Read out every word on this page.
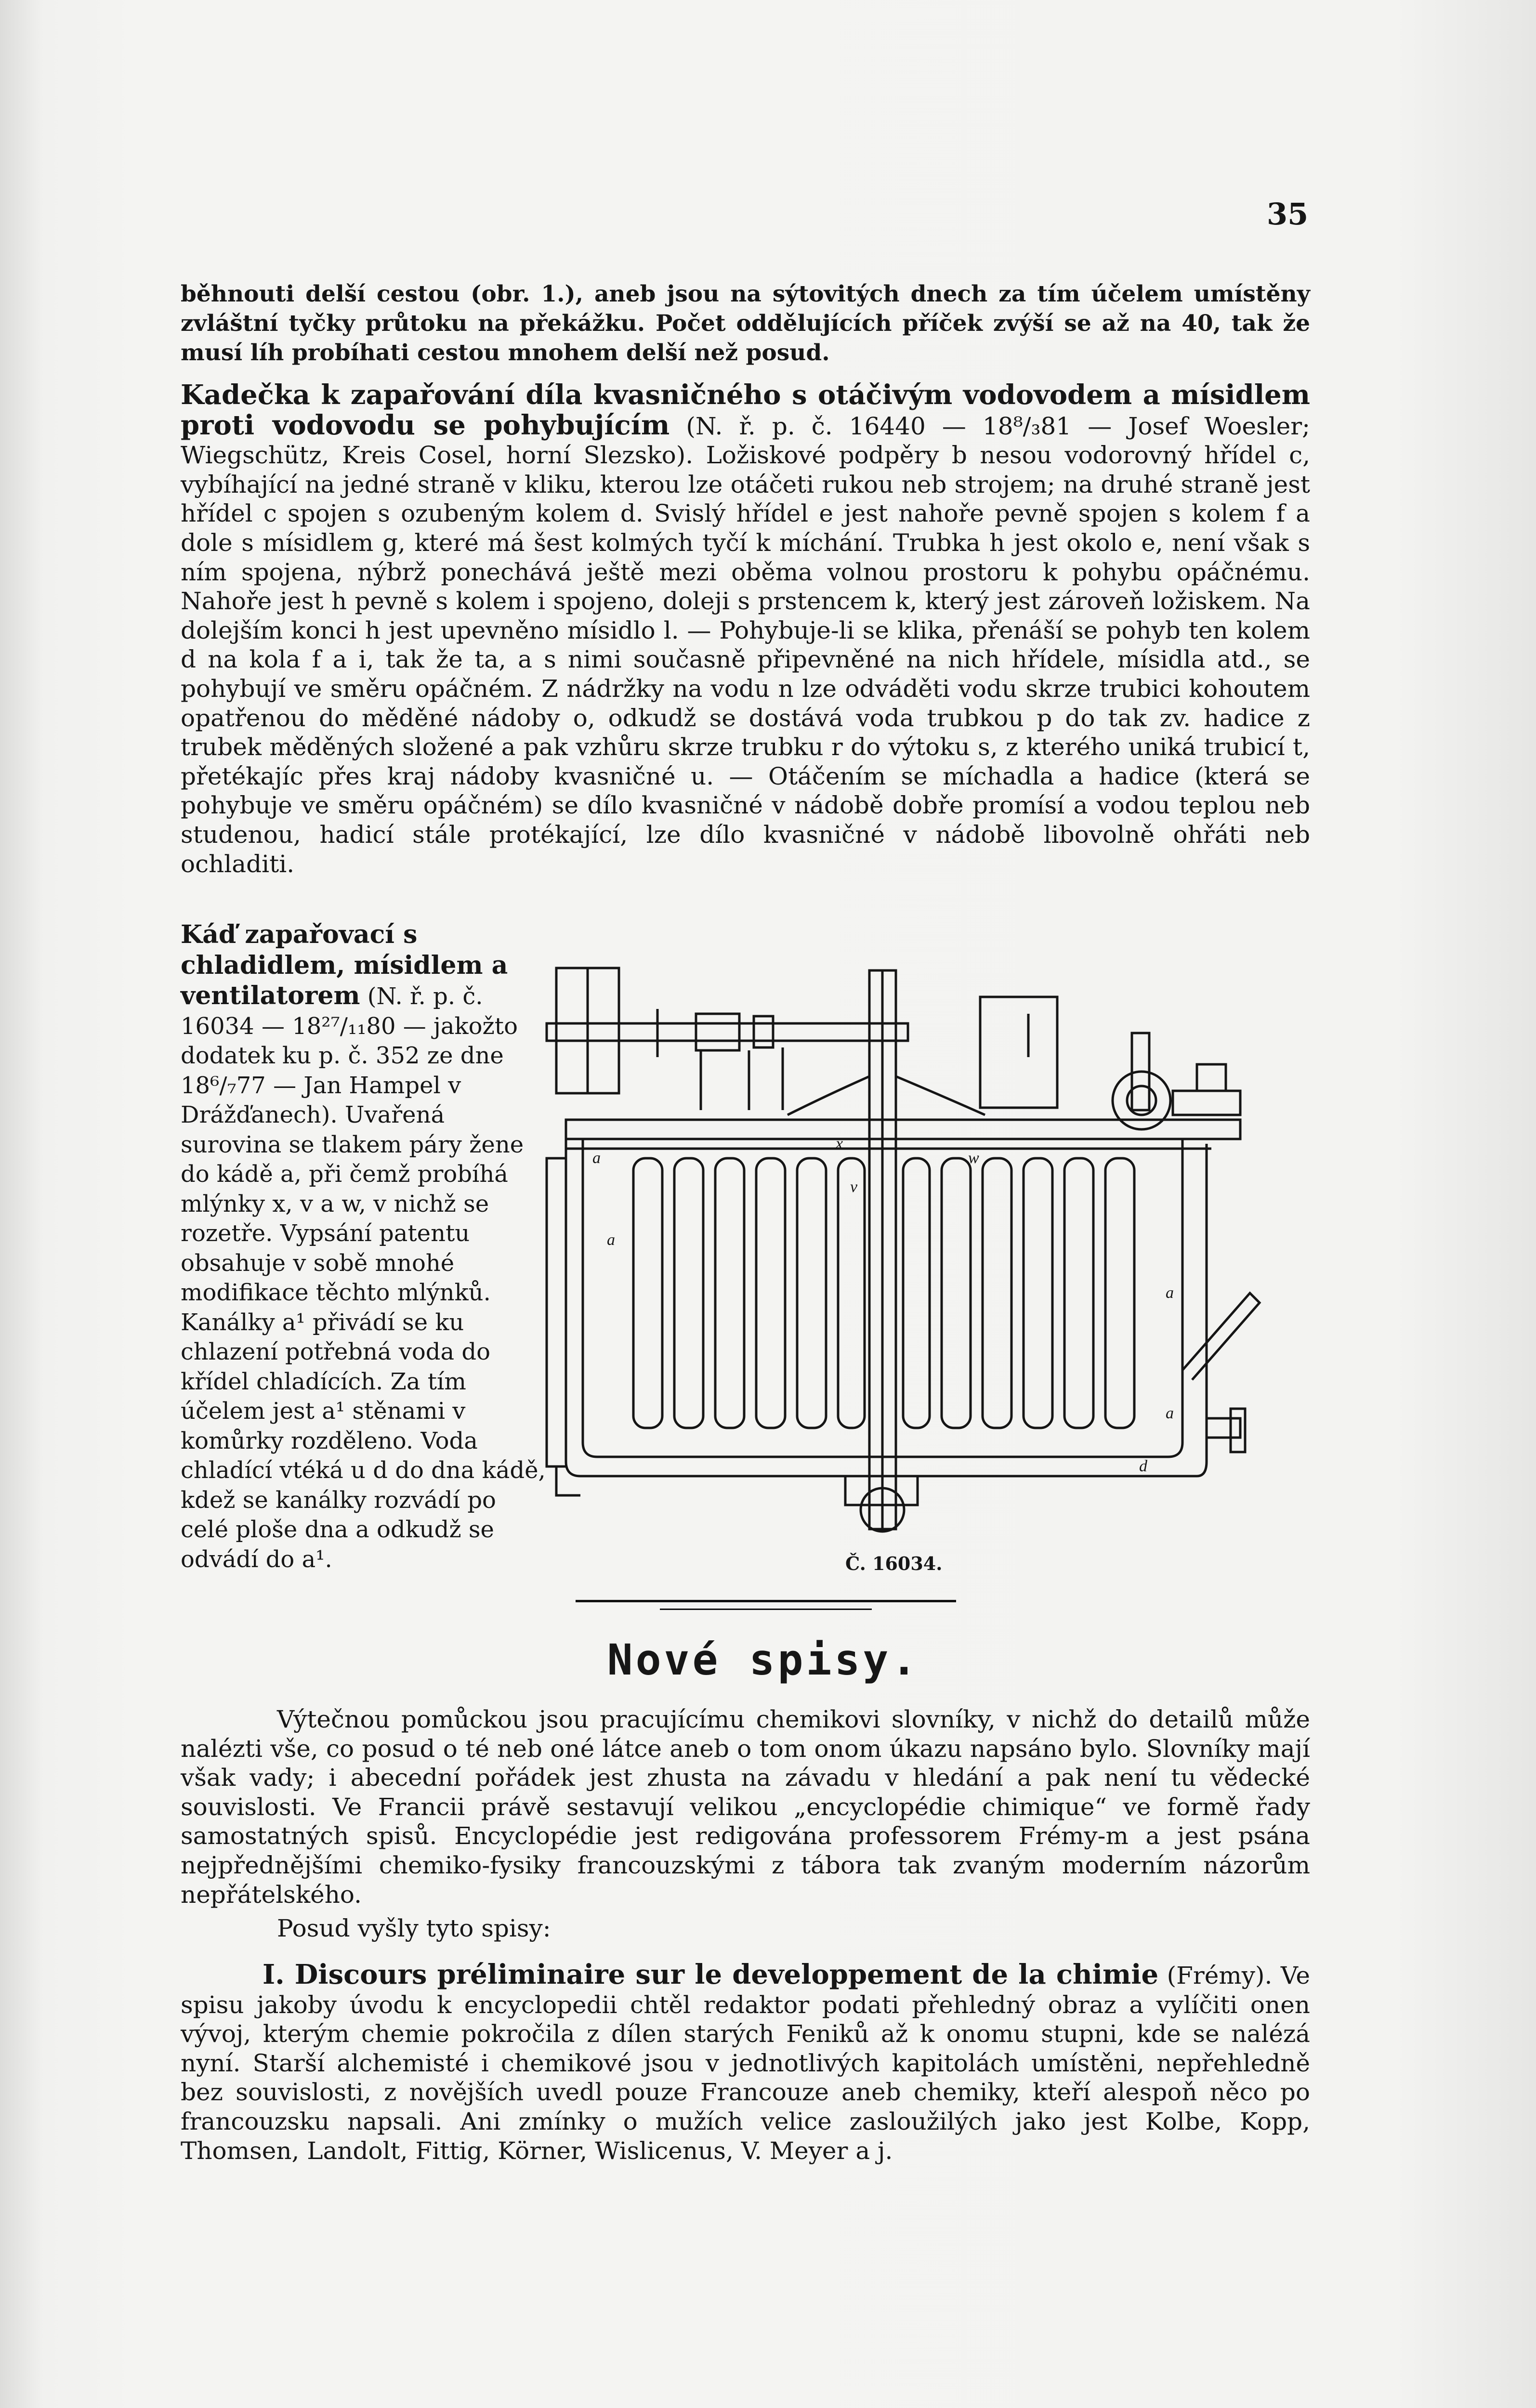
35

běhnouti delší cestou (obr. 1.), aneb jsou na sýtovitých dnech za tím účelem umístěny zvláštní tyčky průtoku na překážku. Počet oddělujících příček zvýší se až na 40, tak že musí líh probíhati cestou mnohem delší než posud.

Kadečka k zapařování díla kvasničného s otáčivým vodovodem a mísidlem proti vodovodu se pohybujícím (N. ř. p. č. 16440 — 18⁸/₃81 — Josef Woesler; Wiegschütz, Kreis Cosel, horní Slezsko). Ložiskové podpěry b nesou vodorovný hřídel c, vybíhající na jedné straně v kliku, kterou lze otáčeti rukou neb strojem; na druhé straně jest hřídel c spojen s ozubeným kolem d. Svislý hřídel e jest nahoře pevně spojen s kolem f a dole s mísidlem g, které má šest kolmých tyčí k míchání. Trubka h jest okolo e, není však s ním spojena, nýbrž ponechává ještě mezi oběma volnou prostoru k pohybu opáčnému. Nahoře jest h pevně s kolem i spojeno, doleji s prstencem k, který jest zároveň ložiskem. Na dolejším konci h jest upevněno mísidlo l. — Pohybuje-li se klika, přenáší se pohyb ten kolem d na kola f a i, tak že ta, a s nimi současně připevněné na nich hřídele, mísidla atd., se pohybují ve směru opáčném. Z nádržky na vodu n lze odváděti vodu skrze trubici kohoutem opatřenou do měděné nádoby o, odkudž se dostává voda trubkou p do tak zv. hadice z trubek měděných složené a pak vzhůru skrze trubku r do výtoku s, z kterého uniká trubicí t, přetékajíc přes kraj nádoby kvasničné u. — Otáčením se míchadla a hadice (která se pohybuje ve směru opáčném) se dílo kvasničné v nádobě dobře promísí a vodou teplou neb studenou, hadicí stále protékající, lze dílo kvasničné v nádobě libovolně ohřáti neb ochladiti.

Káď zapařovací s chladidlem, mísidlem a ventilatorem (N. ř. p. č. 16034 — 18²⁷/₁₁80 — jakožto dodatek ku p. č. 352 ze dne 18⁶/₇77 — Jan Hampel v Drážďanech). Uvařená surovina se tlakem páry žene do kádě a, při čemž probíhá mlýnky x, v a w, v nichž se rozetře. Vypsání patentu obsahuje v sobě mnohé modifikace těchto mlýnků. Kanálky a¹ přivádí se ku chlazení potřebná voda do křídel chladících. Za tím účelem jest a¹ stěnami v komůrky rozděleno. Voda chladící vtéká u d do dna kádě, kdež se kanálky rozvádí po celé ploše dna a odkudž se odvádí do a¹.

a
a
a
a
v
w
x
d
Č. 16034.
Nové spisy.

Výtečnou pomůckou jsou pracujícímu chemikovi slovníky, v nichž do detailů může nalézti vše, co posud o té neb oné látce aneb o tom onom úkazu napsáno bylo. Slovníky mají však vady; i abecední pořádek jest zhusta na závadu v hledání a pak není tu vědecké souvislosti. Ve Francii právě sestavují velikou „encyclopédie chimique“ ve formě řady samostatných spisů. Encyclopédie jest redigována professorem Frémy-m a jest psána nejpřednějšími chemiko-fysiky francouzskými z tábora tak zvaným moderním názorům nepřátelského.

Posud vyšly tyto spisy:

I. Discours préliminaire sur le developpement de la chimie (Frémy). Ve spisu jakoby úvodu k encyclopedii chtěl redaktor podati přehledný obraz a vylíčiti onen vývoj, kterým chemie pokročila z dílen starých Feniků až k onomu stupni, kde se nalézá nyní. Starší alchemisté i chemikové jsou v jednotlivých kapitolách umístěni, nepřehledně bez souvislosti, z novějších uvedl pouze Francouze aneb chemiky, kteří alespoň něco po francouzsku napsali. Ani zmínky o mužích velice zasloužilých jako jest Kolbe, Kopp, Thomsen, Landolt, Fittig, Körner, Wislicenus, V. Meyer a j.
